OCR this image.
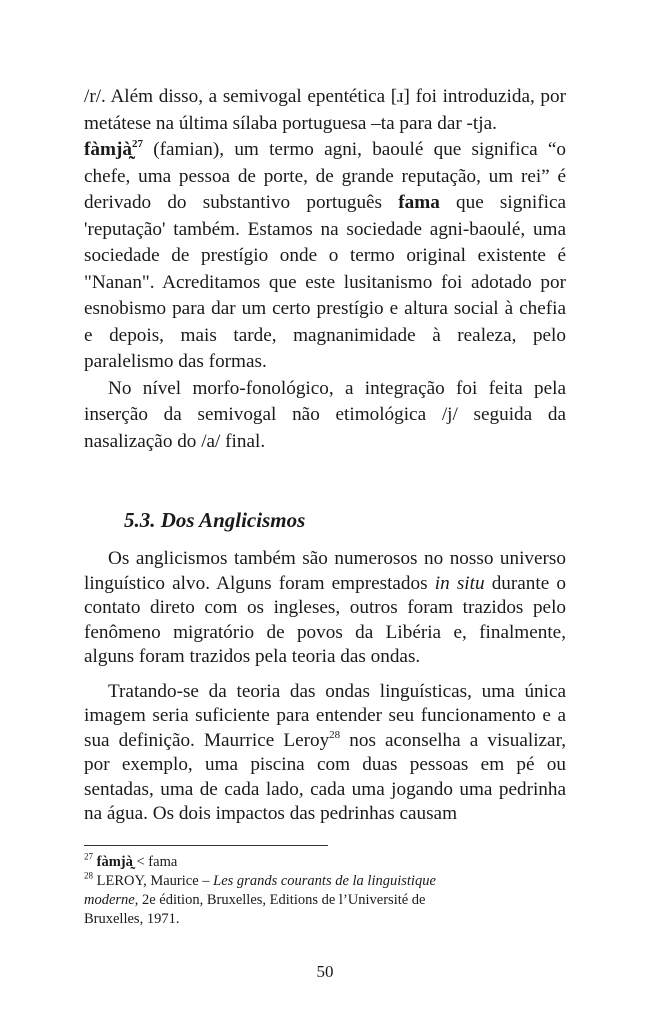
/r/. Além disso, a semivogal epentética [ɹ] foi introduzida, por metátese na última sílaba portuguesa –ta para dar -tja.

fàmjà̰$^{27}$ (famian), um termo agni, baoulé que significa “o chefe, uma pessoa de porte, de grande reputação, um rei” é derivado do substantivo português fama que significa 'reputação' também. Estamos na sociedade agni-baoulé, uma sociedade de prestígio onde o termo original existente é "Nanan". Acreditamos que este lusitanismo foi adotado por esnobismo para dar um certo prestígio e altura social à chefia e depois, mais tarde, magnanimidade à realeza, pelo paralelismo das formas.

No nível morfo-fonológico, a integração foi feita pela inserção da semivogal não etimológica /j/ seguida da nasalização do /a/ final.

5.3. Dos Anglicismos

Os anglicismos também são numerosos no nosso universo linguístico alvo. Alguns foram emprestados in situ durante o contato direto com os ingleses, outros foram trazidos pelo fenômeno migratório de povos da Libéria e, finalmente, alguns foram trazidos pela teoria das ondas.

Tratando-se da teoria das ondas linguísticas, uma única imagem seria suficiente para entender seu funcionamento e a sua definição. Maurrice Leroy$^{28}$ nos aconselha a visualizar, por exemplo, uma piscina com duas pessoas em pé ou sentadas, uma de cada lado, cada uma jogando uma pedrinha na água. Os dois impactos das pedrinhas causam

$^{27}$ fàmjà̰ < fama

$^{28}$ LEROY, Maurice – Les grands courants de la linguistique moderne, 2e édition, Bruxelles, Editions de l’Université de Bruxelles, 1971.

50
